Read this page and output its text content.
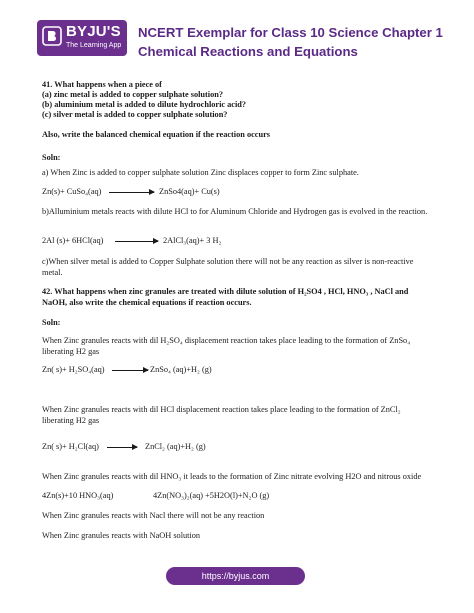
BYJU'S
The Learning App
NCERT Exemplar for Class 10 Science Chapter 1 Chemical Reactions and Equations
41. What happens when a piece of
(a) zinc metal is added to copper sulphate solution?
(b) aluminium metal is added to dilute hydrochloric acid?
(c) silver metal is added to copper sulphate solution?
Also, write the balanced chemical equation if the reaction occurs
Soln:
a) When Zinc is added to copper sulphate solution Zinc displaces copper to form Zinc sulphate.
Zn(s)+ CuSo₄(aq)	ZnSo4(aq)+ Cu(s)
b)Alluminium metals reacts with dilute HCl to for Aluminum Chloride and Hydrogen gas is evolved in the reaction.
2Al (s)+ 6HCl(aq)	2AlCl₃(aq)+ 3 H₂
c)When silver metal is added to Copper Sulphate solution there will not be any reaction as silver is non-reactive metal.
42. What happens when zinc granules are treated with dilute solution of H₂SO4 , HCl, HNO₃ , NaCl and NaOH, also write the chemical equations if reaction occurs.
Soln:
When Zinc granules reacts with dil H₂SO₄ displacement reaction takes place leading to the formation of ZnSo₄ liberating H2 gas
Zn( s)+ H₂SO₄(aq)	ZnSo₄ (aq)+H₂ (g)
When Zinc granules reacts with dil HCl displacement reaction takes place leading to the formation of ZnCl₂ liberating H2 gas
Zn( s)+ H₂Cl(aq) → ZnCl₂ (aq)+H₂ (g)
When Zinc granules reacts with dil HNO₃ it leads to the formation of Zinc nitrate evolving H2O and nitrous oxide
4Zn(s)+10 HNO₃(aq)	4Zn(NO₃)₂(aq) +5H2O(l)+N₂O (g)
When Zinc granules reacts with Nacl there will not be any reaction
When Zinc granules reacts with NaOH solution
https://byjus.com
